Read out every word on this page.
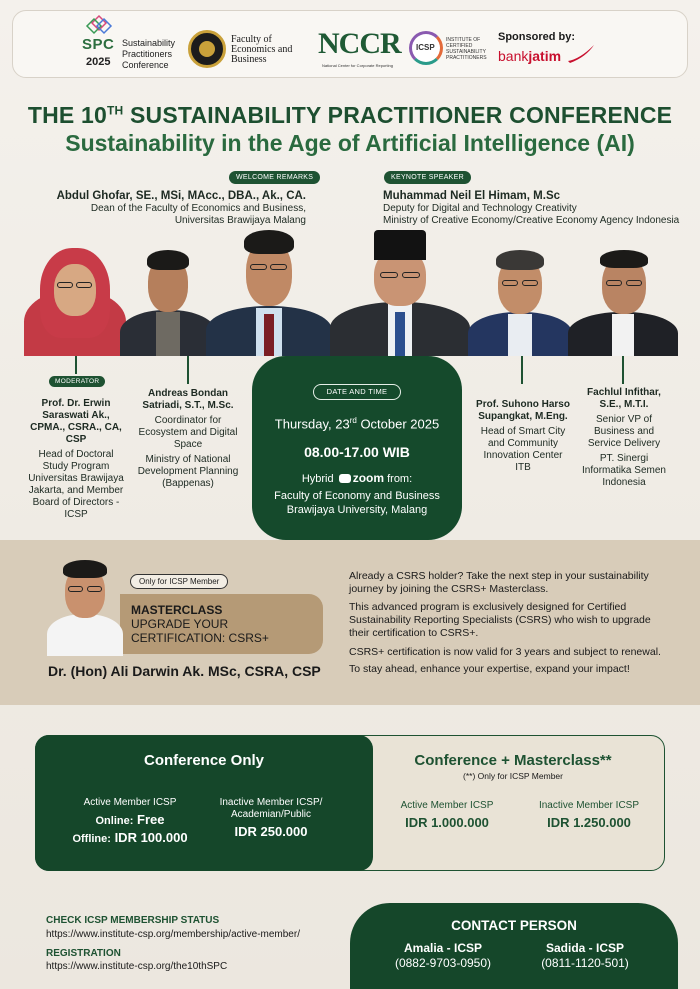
SPC
2025
Sustainability Practitioners Conference
Faculty of
Economics and
Business	NCCR
National Center for Corporate Reporting
ICSP
INSTITUTE OF CERTIFIED SUSTAINABILITY PRACTITIONERS
Sponsored by:
bankjatim
THE 10TH SUSTAINABILITY PRACTITIONER CONFERENCE
Sustainability in the Age of Artificial Intelligence (AI)
WELCOME REMARKS
Abdul Ghofar, SE., MSi, MAcc., DBA., Ak., CA.
Dean of the Faculty of Economics and Business,
Universitas Brawijaya Malang
KEYNOTE SPEAKER
Muhammad Neil El Himam, M.Sc
Deputy for Digital and Technology Creativity
Ministry of Creative Economy/Creative Economy Agency Indonesia
MODERATOR
Prof. Dr. Erwin
Saraswati Ak.,
CPMA., CSRA., CA,
CSP
Head of Doctoral
Study Program
Universitas Brawijaya
Jakarta, and Member
Board of Directors -
ICSP
Andreas Bondan
Satriadi, S.T., M.Sc.
Coordinator for
Ecosystem and Digital
Space
Ministry of National
Development Planning
(Bappenas)
Prof. Suhono Harso
Supangkat, M.Eng.
Head of Smart City
and Community
Innovation Center
ITB
Fachlul Infithar,
S.E., M.T.I.
Senior VP of
Business and
Service Delivery
PT. Sinergi
Informatika Semen
Indonesia
DATE AND TIME
Thursday, 23rd October 2025
08.00-17.00 WIB
Hybrid zoom from:
Faculty of Economy and Business
Brawijaya University, Malang
Only for ICSP Member
MASTERCLASS
UPGRADE YOUR CERTIFICATION: CSRS+
Dr. (Hon) Ali Darwin Ak. MSc, CSRA, CSP
Already a CSRS holder? Take the next step in your sustainability journey by joining the CSRS+ Masterclass.
This advanced program is exclusively designed for Certified Sustainability Reporting Specialists (CSRS) who wish to upgrade their certification to CSRS+.
CSRS+ certification is now valid for 3 years and subject to renewal.
To stay ahead, enhance your expertise, expand your impact!
Conference Only
Active Member ICSP
Online: Free
Offline: IDR 100.000
Inactive Member ICSP/
Academian/Public
IDR 250.000
Conference + Masterclass**
(**) Only for ICSP Member
Active Member ICSP
IDR 1.000.000
Inactive Member ICSP
IDR 1.250.000
CHECK ICSP MEMBERSHIP STATUS
https://www.institute-csp.org/membership/active-member/
REGISTRATION
https://www.institute-csp.org/the10thSPC
CONTACT PERSON
Amalia - ICSP
(0882-9703-0950)
Sadida - ICSP
(0811-1120-501)
